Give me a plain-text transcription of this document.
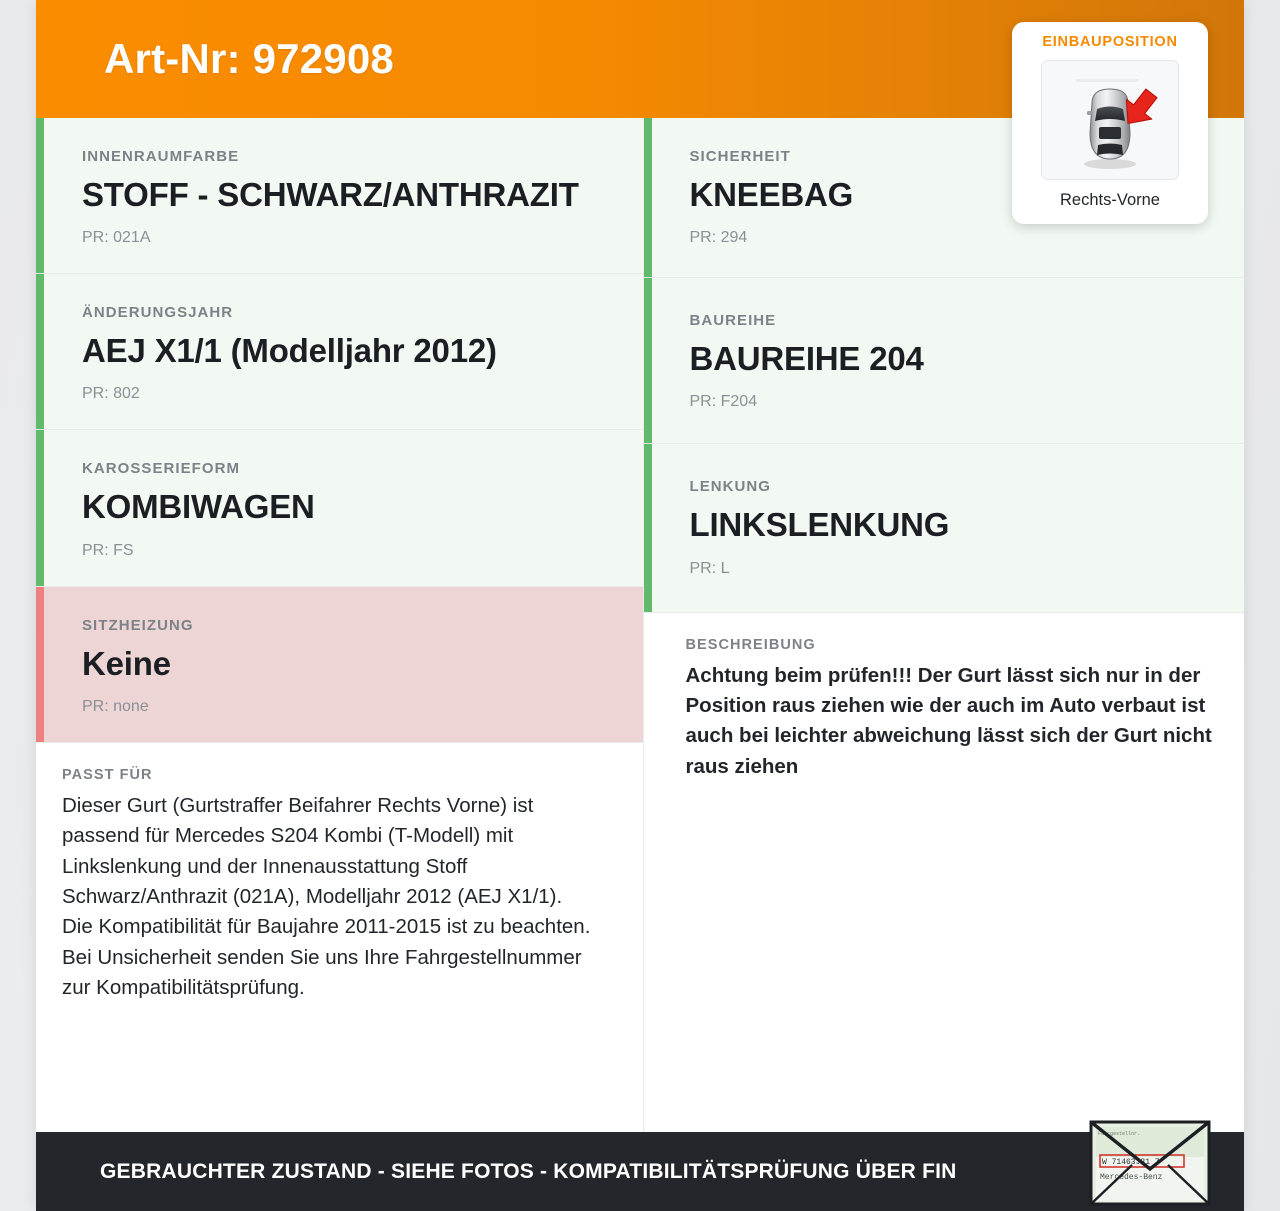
Art-Nr: 972908	EINBAUPOSITION
Rechts-Vorne
INNENRAUMFARBE
STOFF - SCHWARZ/ANTHRAZIT
PR: 021A
ÄNDERUNGSJAHR
AEJ X1/1 (Modelljahr 2012)
PR: 802
KAROSSERIEFORM
KOMBIWAGEN
PR: FS
SITZHEIZUNG
Keine
PR: none
PASST FÜR
Dieser Gurt (Gurtstraffer Beifahrer Rechts Vorne) ist passend für Mercedes S204 Kombi (T-Modell) mit Linkslenkung und der Innenausstattung Stoff Schwarz/Anthrazit (021A), Modelljahr 2012 (AEJ X1/1). Die Kompatibilität für Baujahre 2011-2015 ist zu beachten. Bei Unsicherheit senden Sie uns Ihre Fahrgestellnummer zur Kompatibilitätsprüfung.
SICHERHEIT
KNEEBAG
PR: 294
BAUREIHE
BAUREIHE 204
PR: F204
LENKUNG
LINKSLENKUNG
PR: L
BESCHREIBUNG
Achtung beim prüfen!!! Der Gurt lässt sich nur in der Position raus ziehen wie der auch im Auto verbaut ist auch bei leichter abweichung lässt sich der Gurt nicht raus ziehen
GEBRAUCHTER ZUSTAND - SIEHE FOTOS - KOMPATIBILITÄTSPRÜFUNG ÜBER FIN
Fahrgestellnr.
W 71463J31 7
Mercedes-Benz
